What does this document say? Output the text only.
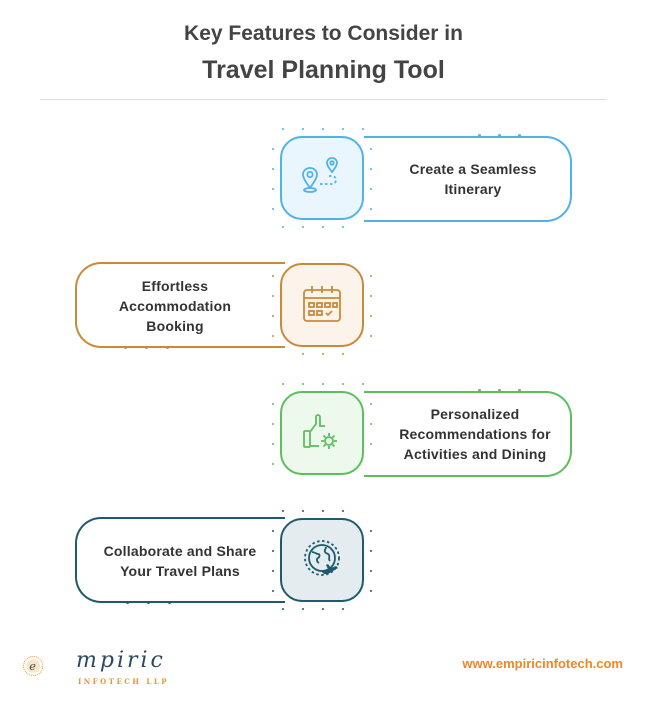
Key Features to Consider in
Travel Planning Tool
Create a Seamless
Itinerary
Effortless
Accommodation
Booking
Personalized
Recommendations for
Activities and Dining
Collaborate and Share
Your Travel Plans
e mpiric
INFOTECH LLP
www.empiricinfotech.com
